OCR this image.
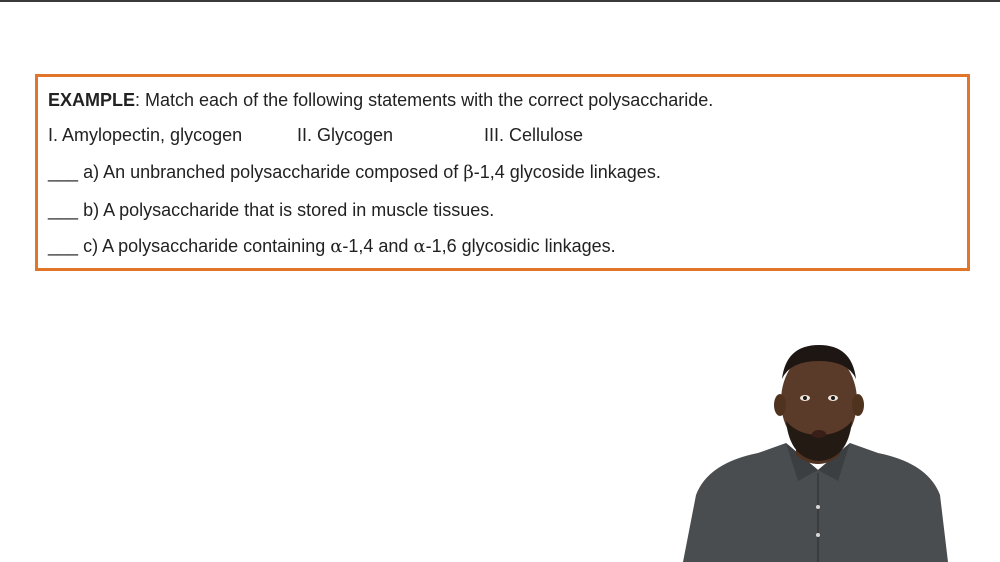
EXAMPLE: Match each of the following statements with the correct polysaccharide.
I. Amylopectin, glycogen	II. Glycogen	III. Cellulose
___ a) An unbranched polysaccharide composed of β-1,4 glycoside linkages.
___ b) A polysaccharide that is stored in muscle tissues.
___ c) A polysaccharide containing α-1,4 and α-1,6 glycosidic linkages.
